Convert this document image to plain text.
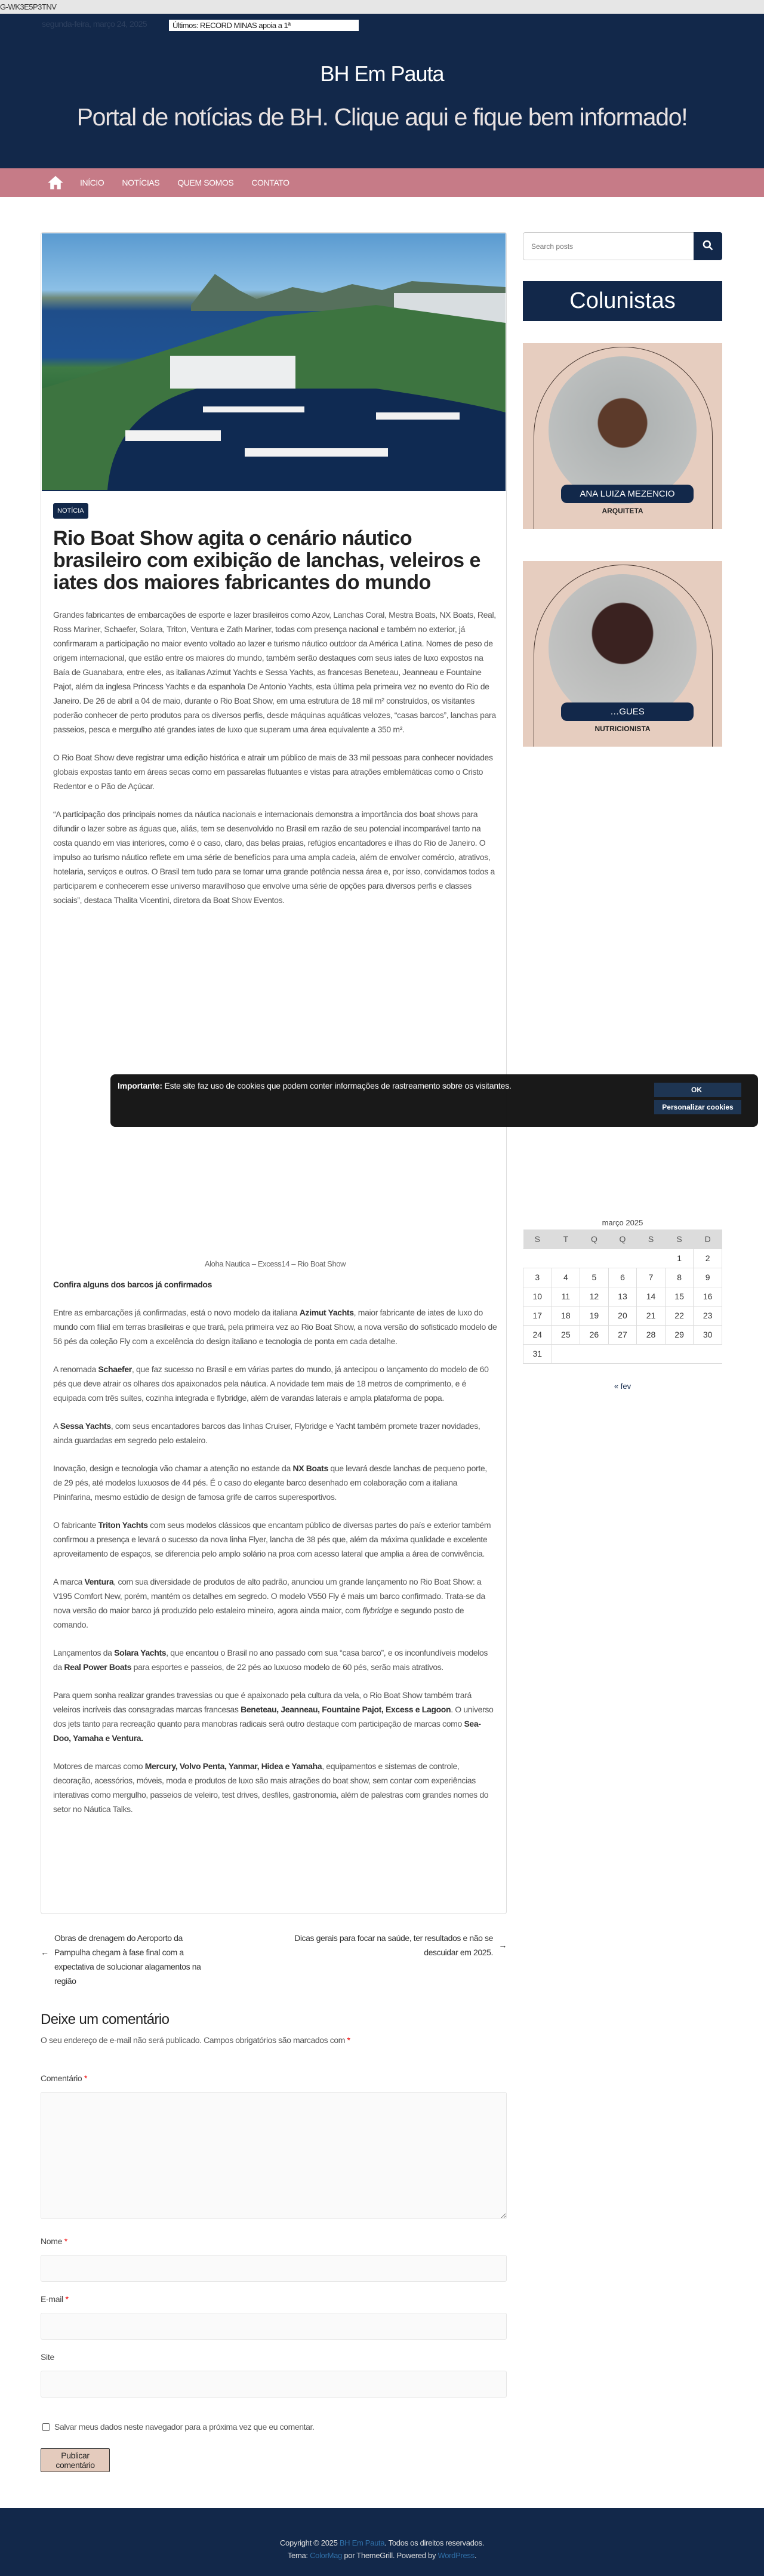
G-WK3E5P3TNV
segunda-feira, março 24, 2025	Últimos: RECORD MINAS apoia a 1ª
BH Em Pauta
Portal de notícias de BH. Clique aqui e fique bem informado!
INÍCIO NOTÍCIAS QUEM SOMOS CONTATO
NOTÍCIA
Rio Boat Show agita o cenário náutico brasileiro com exibição de lanchas, veleiros e iates dos maiores fabricantes do mundo

Grandes fabricantes de embarcações de esporte e lazer brasileiros como Azov, Lanchas Coral, Mestra Boats, NX Boats, Real, Ross Mariner, Schaefer, Solara, Triton, Ventura e Zath Mariner, todas com presença nacional e também no exterior, já confirmaram a participação no maior evento voltado ao lazer e turismo náutico outdoor da América Latina. Nomes de peso de origem internacional, que estão entre os maiores do mundo, também serão destaques com seus iates de luxo expostos na Baía de Guanabara, entre eles, as italianas Azimut Yachts e Sessa Yachts, as francesas Beneteau, Jeanneau e Fountaine Pajot, além da inglesa Princess Yachts e da espanhola De Antonio Yachts, esta última pela primeira vez no evento do Rio de Janeiro. De 26 de abril a 04 de maio, durante o Rio Boat Show, em uma estrutura de 18 mil m² construídos, os visitantes poderão conhecer de perto produtos para os diversos perfis, desde máquinas aquáticas velozes, “casas barcos”, lanchas para passeios, pesca e mergulho até grandes iates de luxo que superam uma área equivalente a 350 m².

O Rio Boat Show deve registrar uma edição histórica e atrair um público de mais de 33 mil pessoas para conhecer novidades globais expostas tanto em áreas secas como em passarelas flutuantes e vistas para atrações emblemáticas como o Cristo Redentor e o Pão de Açúcar.

“A participação dos principais nomes da náutica nacionais e internacionais demonstra a importância dos boat shows para difundir o lazer sobre as águas que, aliás, tem se desenvolvido no Brasil em razão de seu potencial incomparável tanto na costa quando em vias interiores, como é o caso, claro, das belas praias, refúgios encantadores e ilhas do Rio de Janeiro. O impulso ao turismo náutico reflete em uma série de benefícios para uma ampla cadeia, além de envolver comércio, atrativos, hotelaria, serviços e outros. O Brasil tem tudo para se tornar uma grande potência nessa área e, por isso, convidamos todos a participarem e conhecerem esse universo maravilhoso que envolve uma série de opções para diversos perfis e classes sociais”, destaca Thalita Vicentini, diretora da Boat Show Eventos.

Aloha Nautica – Excess14 – Rio Boat Show

Confira alguns dos barcos já confirmados

Entre as embarcações já confirmadas, está o novo modelo da italiana Azimut Yachts, maior fabricante de iates de luxo do mundo com filial em terras brasileiras e que trará, pela primeira vez ao Rio Boat Show, a nova versão do sofisticado modelo de 56 pés da coleção Fly com a excelência do design italiano e tecnologia de ponta em cada detalhe.

A renomada Schaefer, que faz sucesso no Brasil e em várias partes do mundo, já antecipou o lançamento do modelo de 60 pés que deve atrair os olhares dos apaixonados pela náutica. A novidade tem mais de 18 metros de comprimento, e é equipada com três suítes, cozinha integrada e flybridge, além de varandas laterais e ampla plataforma de popa.

A Sessa Yachts, com seus encantadores barcos das linhas Cruiser, Flybridge e Yacht também promete trazer novidades, ainda guardadas em segredo pelo estaleiro.

Inovação, design e tecnologia vão chamar a atenção no estande da NX Boats que levará desde lanchas de pequeno porte, de 29 pés, até modelos luxuosos de 44 pés. É o caso do elegante barco desenhado em colaboração com a italiana Pininfarina, mesmo estúdio de design de famosa grife de carros superesportivos.

O fabricante Triton Yachts com seus modelos clássicos que encantam público de diversas partes do país e exterior também confirmou a presença e levará o sucesso da nova linha Flyer, lancha de 38 pés que, além da máxima qualidade e excelente aproveitamento de espaços, se diferencia pelo amplo solário na proa com acesso lateral que amplia a área de convivência.

A marca Ventura, com sua diversidade de produtos de alto padrão, anunciou um grande lançamento no Rio Boat Show: a V195 Comfort New, porém, mantém os detalhes em segredo. O modelo V550 Fly é mais um barco confirmado. Trata-se da nova versão do maior barco já produzido pelo estaleiro mineiro, agora ainda maior, com flybridge e segundo posto de comando.

Lançamentos da Solara Yachts, que encantou o Brasil no ano passado com sua “casa barco”, e os inconfundíveis modelos da Real Power Boats para esportes e passeios, de 22 pés ao luxuoso modelo de 60 pés, serão mais atrativos.

Para quem sonha realizar grandes travessias ou que é apaixonado pela cultura da vela, o Rio Boat Show também trará veleiros incríveis das consagradas marcas francesas Beneteau, Jeanneau, Fountaine Pajot, Excess e Lagoon. O universo dos jets tanto para recreação quanto para manobras radicais será outro destaque com participação de marcas como Sea-Doo, Yamaha e Ventura.

Motores de marcas como Mercury, Volvo Penta, Yanmar, Hidea e Yamaha, equipamentos e sistemas de controle, decoração, acessórios, móveis, moda e produtos de luxo são mais atrações do boat show, sem contar com experiências interativas como mergulho, passeios de veleiro, test drives, desfiles, gastronomia, além de palestras com grandes nomes do setor no Náutica Talks.

←
Obras de drenagem do Aeroporto da Pampulha chegam à fase final com a expectativa de solucionar alagamentos na região
Dicas gerais para focar na saúde, ter resultados e não se descuidar em 2025.
→
Deixe um comentário
O seu endereço de e-mail não será publicado. Campos obrigatórios são marcados com *
Comentário *
Nome *
E-mail *
Site
Salvar meus dados neste navegador para a próxima vez que eu comentar.
Publicar comentário
Search posts
Colunistas
ANA LUIZA MEZENCIO
ARQUITETA
…GUES
NUTRICIONISTA
março 2025
S	T	Q	Q	S	S	D
					1	2
3	4	5	6	7	8	9
10	11	12	13	14	15	16
17	18	19	20	21	22	23
24	25	26	27	28	29	30
31						
« fev
Importante: Este site faz uso de cookies que podem conter informações de rastreamento sobre os visitantes.	OK
Personalizar cookies
Copyright © 2025 BH Em Pauta. Todos os direitos reservados.
Tema: ColorMag por ThemeGrill. Powered by WordPress.
